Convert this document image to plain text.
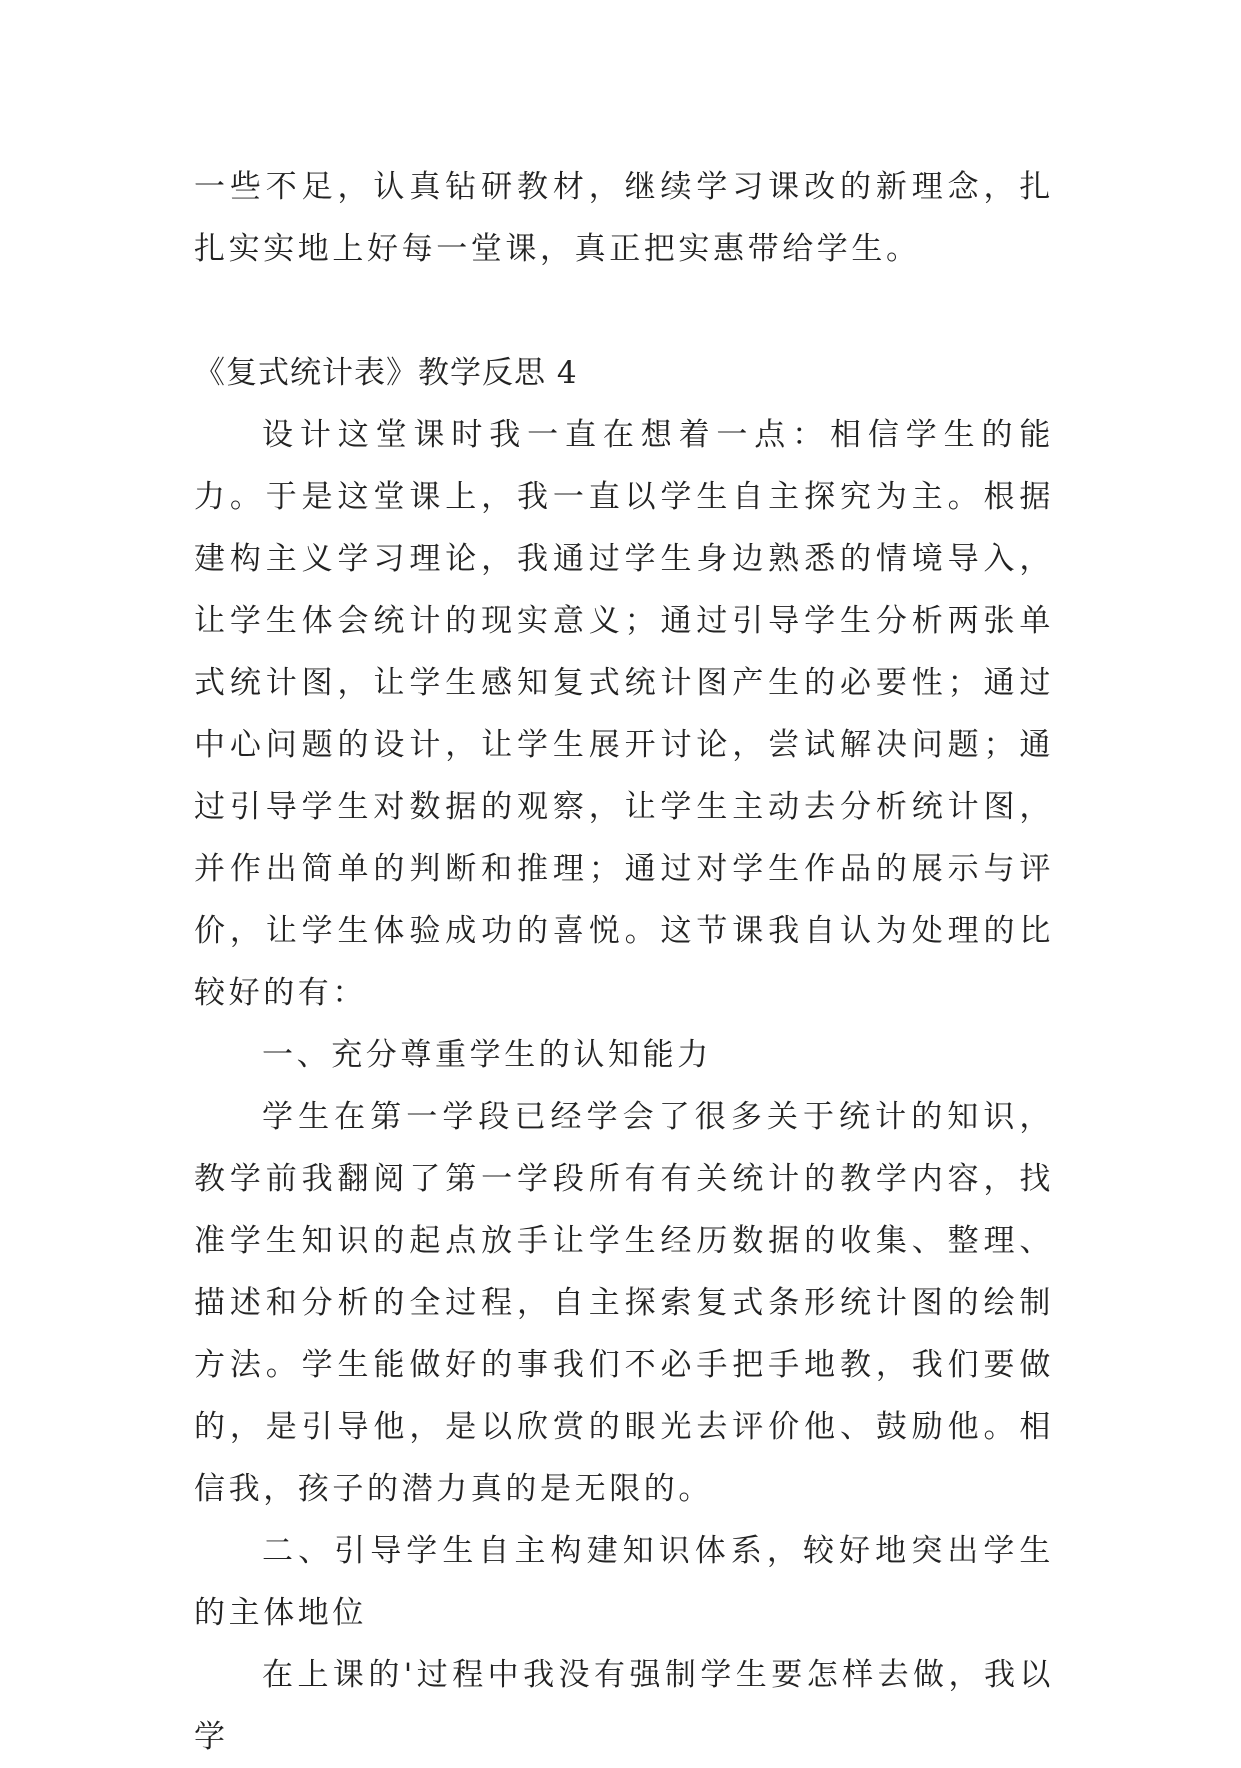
一些不足，认真钻研教材，继续学习课改的新理念，扎扎实实地上好每一堂课，真正把实惠带给学生。

《复式统计表》教学反思 4

设计这堂课时我一直在想着一点：相信学生的能力。于是这堂课上，我一直以学生自主探究为主。根据建构主义学习理论，我通过学生身边熟悉的情境导入，让学生体会统计的现实意义；通过引导学生分析两张单式统计图，让学生感知复式统计图产生的必要性；通过中心问题的设计，让学生展开讨论，尝试解决问题；通过引导学生对数据的观察，让学生主动去分析统计图，并作出简单的判断和推理；通过对学生作品的展示与评价，让学生体验成功的喜悦。这节课我自认为处理的比较好的有：

一、充分尊重学生的认知能力

学生在第一学段已经学会了很多关于统计的知识，教学前我翻阅了第一学段所有有关统计的教学内容，找准学生知识的起点放手让学生经历数据的收集、整理、描述和分析的全过程，自主探索复式条形统计图的绘制方法。学生能做好的事我们不必手把手地教，我们要做的，是引导他，是以欣赏的眼光去评价他、鼓励他。相信我，孩子的潜力真的是无限的。

二、引导学生自主构建知识体系，较好地突出学生的主体地位

在上课的'过程中我没有强制学生要怎样去做，我以学
